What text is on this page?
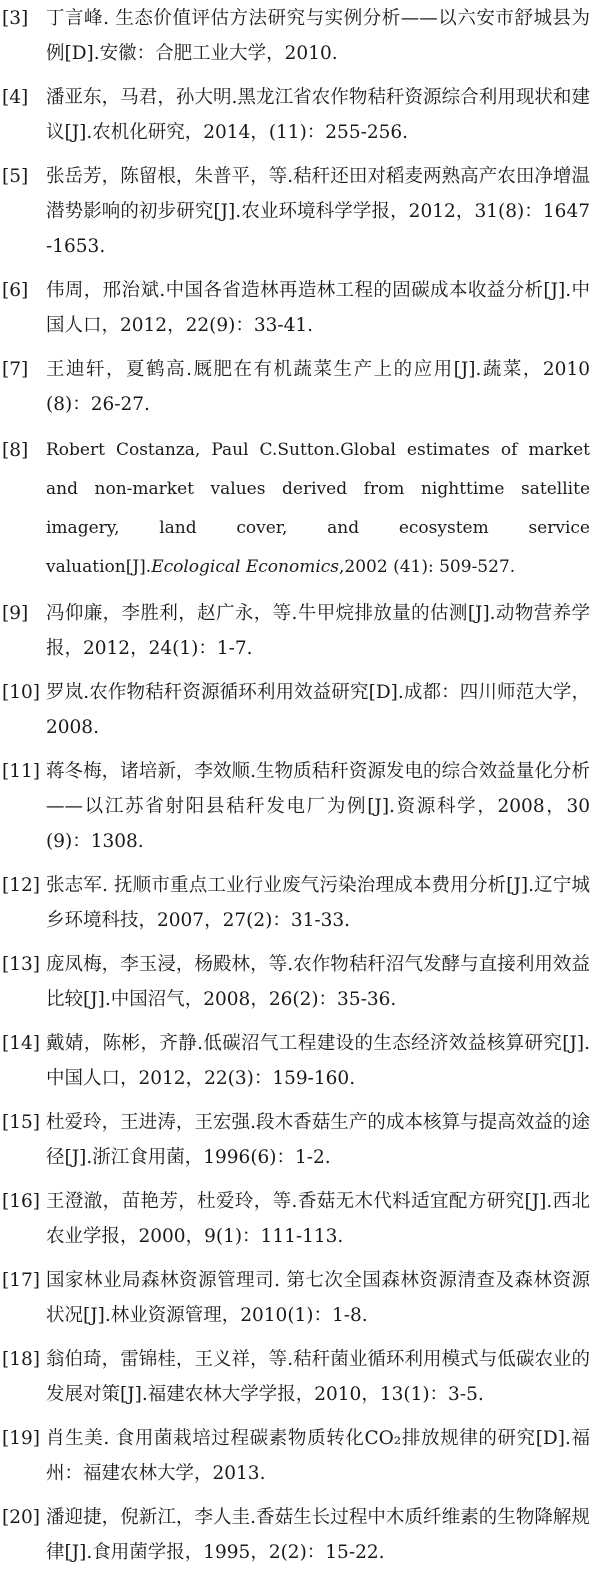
[3] 丁言峰. 生态价值评估方法研究与实例分析——以六安市舒城县为例[D].安徽：合肥工业大学，2010.
[4] 潘亚东，马君，孙大明.黑龙江省农作物秸秆资源综合利用现状和建议[J].农机化研究，2014，(11)：255-256.
[5] 张岳芳，陈留根，朱普平，等.秸秆还田对稻麦两熟高产农田净增温潜势影响的初步研究[J].农业环境科学学报，2012，31(8)：1647-1653.
[6] 伟周，邢治斌.中国各省造林再造林工程的固碳成本收益分析[J].中国人口，2012，22(9)：33-41.
[7] 王迪轩，夏鹤高.厩肥在有机蔬菜生产上的应用[J].蔬菜，2010(8)：26-27.
[8]	Robert Costanza, Paul C.Sutton.Global estimates of market and non-market values derived from nighttime satellite imagery, land cover, and ecosystem service valuation[J].Ecological Economics,2002 (41): 509-527.
[9] 冯仰廉，李胜利，赵广永，等.牛甲烷排放量的估测[J].动物营养学报，2012，24(1)：1-7.
[10] 罗岚.农作物秸秆资源循环利用效益研究[D].成都：四川师范大学，2008.
[11] 蒋冬梅，诸培新，李效顺.生物质秸秆资源发电的综合效益量化分析——以江苏省射阳县秸秆发电厂为例[J].资源科学，2008，30(9)：1308.
[12] 张志军. 抚顺市重点工业行业废气污染治理成本费用分析[J].辽宁城乡环境科技，2007，27(2)：31-33.
[13] 庞凤梅，李玉浸，杨殿林，等.农作物秸秆沼气发酵与直接利用效益比较[J].中国沼气，2008，26(2)：35-36.
[14] 戴婧，陈彬，齐静.低碳沼气工程建设的生态经济效益核算研究[J].中国人口，2012，22(3)：159-160.
[15] 杜爱玲，王进涛，王宏强.段木香菇生产的成本核算与提高效益的途径[J].浙江食用菌，1996(6)：1-2.
[16] 王澄澈，苗艳芳，杜爱玲，等.香菇无木代料适宜配方研究[J].西北农业学报，2000，9(1)：111-113.
[17] 国家林业局森林资源管理司. 第七次全国森林资源清查及森林资源状况[J].林业资源管理，2010(1)：1-8.
[18] 翁伯琦，雷锦桂，王义祥，等.秸秆菌业循环利用模式与低碳农业的发展对策[J].福建农林大学学报，2010，13(1)：3-5.
[19] 肖生美. 食用菌栽培过程碳素物质转化CO₂排放规律的研究[D].福州：福建农林大学，2013.
[20] 潘迎捷，倪新江，李人圭.香菇生长过程中木质纤维素的生物降解规律[J].食用菌学报，1995，2(2)：15-22.
